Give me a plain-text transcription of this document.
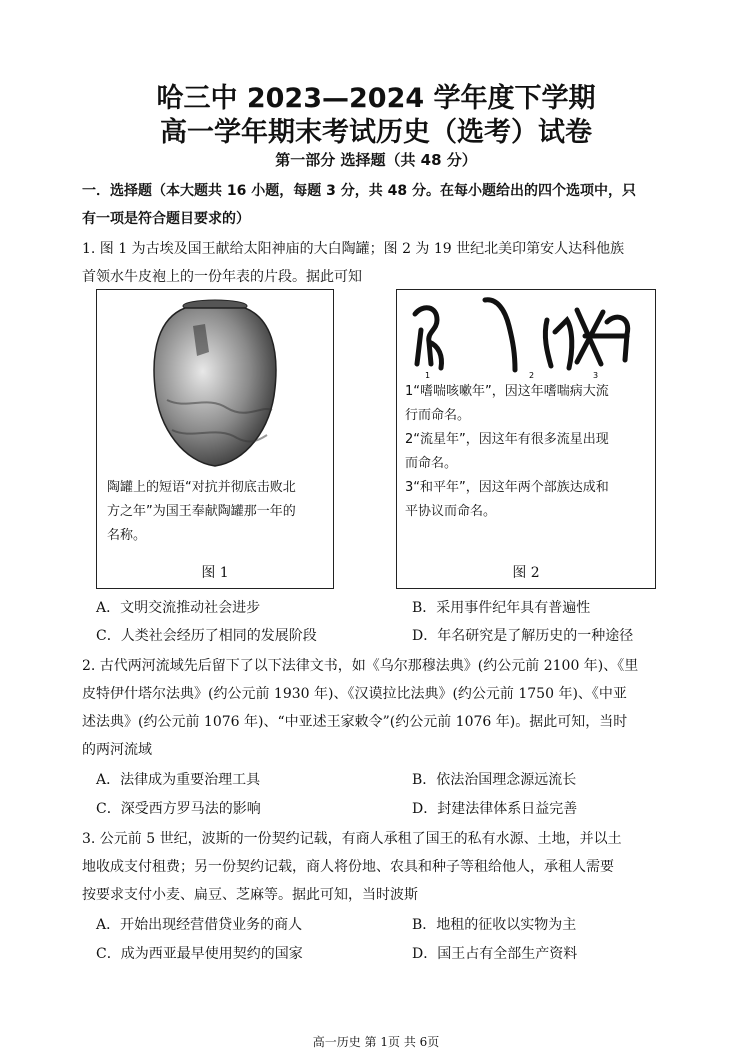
哈三中 2023—2024 学年度下学期
高一学年期末考试历史（选考）试卷
第一部分 选择题（共 48 分）
一．选择题（本大题共 16 小题，每题 3 分，共 48 分。在每小题给出的四个选项中，只
有一项是符合题目要求的）
1. 图 1 为古埃及国王献给太阳神庙的大白陶罐；图 2 为 19 世纪北美印第安人达科他族
首领水牛皮袍上的一份年表的片段。据此可知
陶罐上的短语“对抗并彻底击败北
方之年”为国王奉献陶罐那一年的
名称。
图 1
1	2	3
1“嗜喘咳嗽年”，因这年嗜喘病大流
行而命名。
2“流星年”，因这年有很多流星出现
而命名。
3“和平年”，因这年两个部族达成和
平协议而命名。
图 2
A．文明交流推动社会进步	B．采用事件纪年具有普遍性
C．人类社会经历了相同的发展阶段	D．年名研究是了解历史的一种途径
2. 古代两河流域先后留下了以下法律文书，如《乌尔那穆法典》(约公元前 2100 年)、《里
皮特伊什塔尔法典》(约公元前 1930 年)、《汉谟拉比法典》(约公元前 1750 年)、《中亚
述法典》(约公元前 1076 年)、“中亚述王家敕令”(约公元前 1076 年)。据此可知，当时
的两河流域
A．法律成为重要治理工具	B．依法治国理念源远流长
C．深受西方罗马法的影响	D．封建法律体系日益完善
3. 公元前 5 世纪，波斯的一份契约记载，有商人承租了国王的私有水源、土地，并以土
地收成支付租费；另一份契约记载，商人将份地、农具和种子等租给他人，承租人需要
按要求支付小麦、扁豆、芝麻等。据此可知，当时波斯
A．开始出现经营借贷业务的商人	B．地租的征收以实物为主
C．成为西亚最早使用契约的国家	D．国王占有全部生产资料
高一历史 第 1页 共 6页
